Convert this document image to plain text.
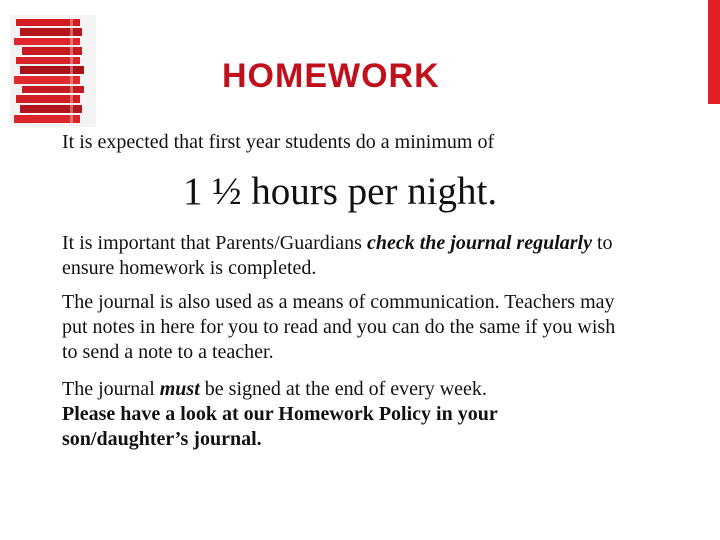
HOMEWORK

It is expected that first year students do a minimum of

1 ½ hours per night.

It is important that Parents/Guardians check the journal regularly to ensure homework is completed.

The journal is also used as a means of communication. Teachers may put notes in here for you to read and you can do the same if you wish to send a note to a teacher.

The journal must be signed at the end of every week.
Please have a look at our Homework Policy in your son/daughter’s journal.
